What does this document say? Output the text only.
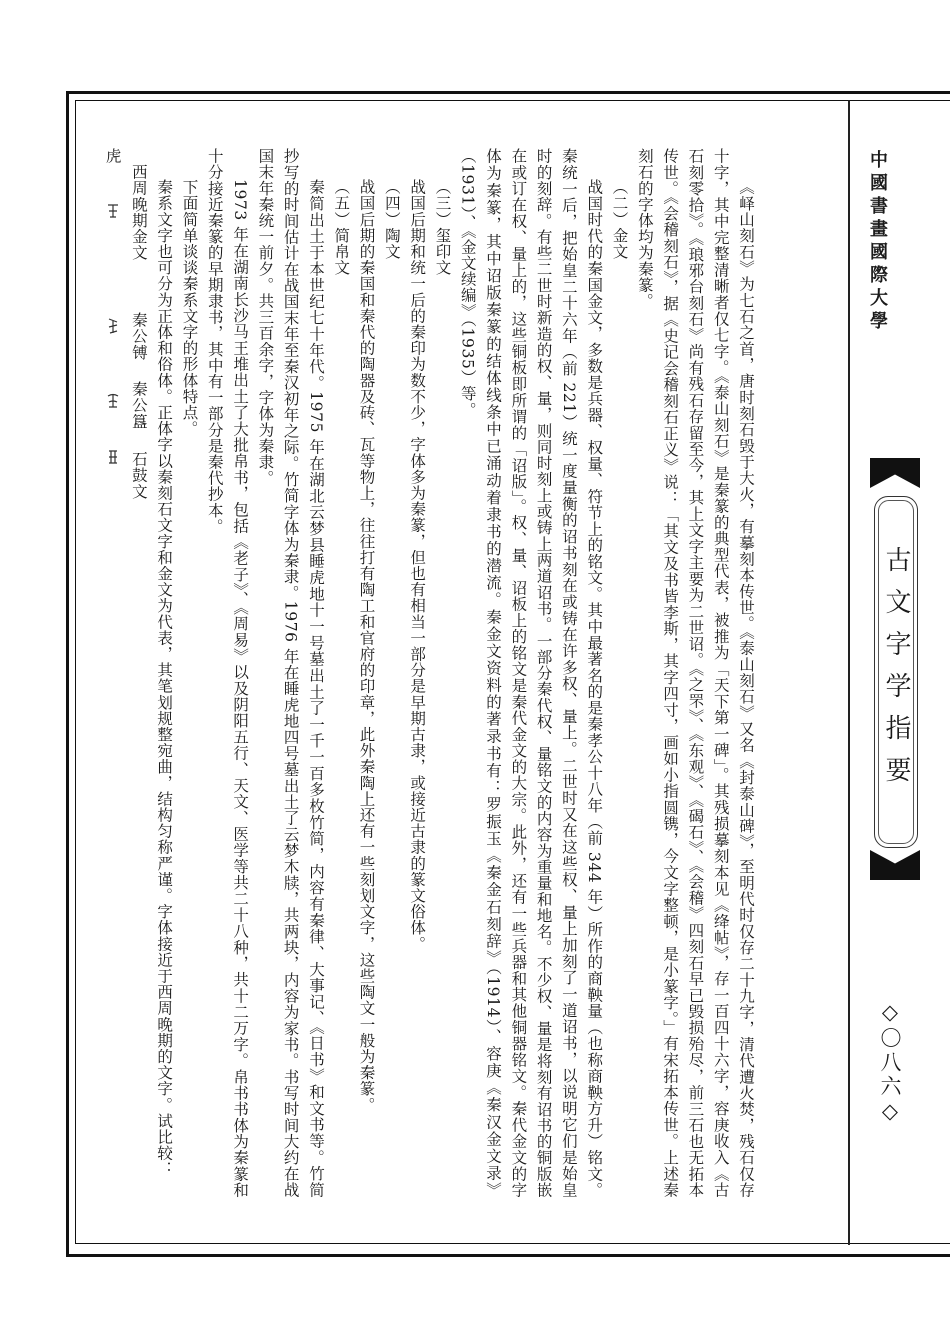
中國書畫國際大學
古文字学指要
◇〇八六◇

《峄山刻石》为七石之首，唐时刻石毁于大火，有摹刻本传世。《泰山刻石》又名《封泰山碑》，至明代时仅存二十九字，清代遭火焚，残石仅存十字，其中完整清晰者仅七字。《泰山刻石》是秦篆的典型代表，被推为「天下第一碑」。其残损摹刻本见《绛帖》，存一百四十六字，容庚收入《古石刻零拾》。《琅邪台刻石》尚有残石存留至今，其上文字主要为二世诏。《之罘》、《东观》、《碣石》、《会稽》四刻石早已毁损殆尽，前三石也无拓本传世。《会稽刻石》，据《史记会稽刻石正义》说：「其文及书皆李斯，其字四寸，画如小指圆镌，今文字整顿，是小篆字。」有宋拓本传世。上述秦刻石的字体均为秦篆。

（二）金文

战国时代的秦国金文，多数是兵器、权量、符节上的铭文。其中最著名的是秦孝公十八年（前 344 年）所作的商鞅量（也称商鞅方升）铭文。秦统一后，把始皇二十六年（前 221）统一度量衡的诏书刻在或铸在许多权、量上。二世时又在这些权、量上加刻了一道诏书，以说明它们是始皇时的刻辞。有些二世时新造的权、量，则同时刻上或铸上两道诏书。一部分秦代权、量铭文的内容为重量和地名。不少权、量是将刻有诏书的铜版嵌在或订在权、量上的，这些铜板即所谓的「诏版」。权、量、诏板上的铭文是秦代金文的大宗。此外，还有一些兵器和其他铜器铭文。秦代金文的字体为秦篆，其中诏版秦篆的结体线条中已涌动着隶书的潜流。秦金文资料的著录书有：罗振玉《秦金石刻辞》（1914）、容庚《秦汉金文录》（1931）、《金文续编》（1935）等。

（三）玺印文

战国后期和统一后的秦印为数不少，字体多为秦篆，但也有相当一部分是早期古隶，或接近古隶的篆文俗体。

（四）陶文

战国后期的秦国和秦代的陶器及砖、瓦等物上，往往打有陶工和官府的印章，此外秦陶上还有一些刻划文字，这些陶文一般为秦篆。

（五）简帛文

秦简出土于本世纪七十年代。1975 年在湖北云梦县睡虎地十一号墓出土了一千一百多枚竹简，内容有秦律、大事记、《日书》和文书等。竹简抄写的时间估计在战国末年至秦汉初年之际。竹简字体为秦隶。1976 年在睡虎地四号墓出土了云梦木牍，共两块，内容为家书。书写时间大约在战国末年秦统一前夕。共三百余字，字体为秦隶。

1973 年在湖南长沙马王堆出土了大批帛书，包括《老子》、《周易》以及阴阳五行、天文、医学等共二十八种，共十二万字。帛书书体为秦篆和十分接近秦篆的早期隶书，其中有一部分是秦代抄本。

下面简单谈谈秦系文字的形体特点。

秦系文字也可分为正体和俗体。正体字以秦刻石文字和金文为代表，其笔划规整宛曲，结构匀称严谨。字体接近于西周晚期的文字。试比较：

西周晚期金文 秦公镈 秦公簋 石鼓文

虎
